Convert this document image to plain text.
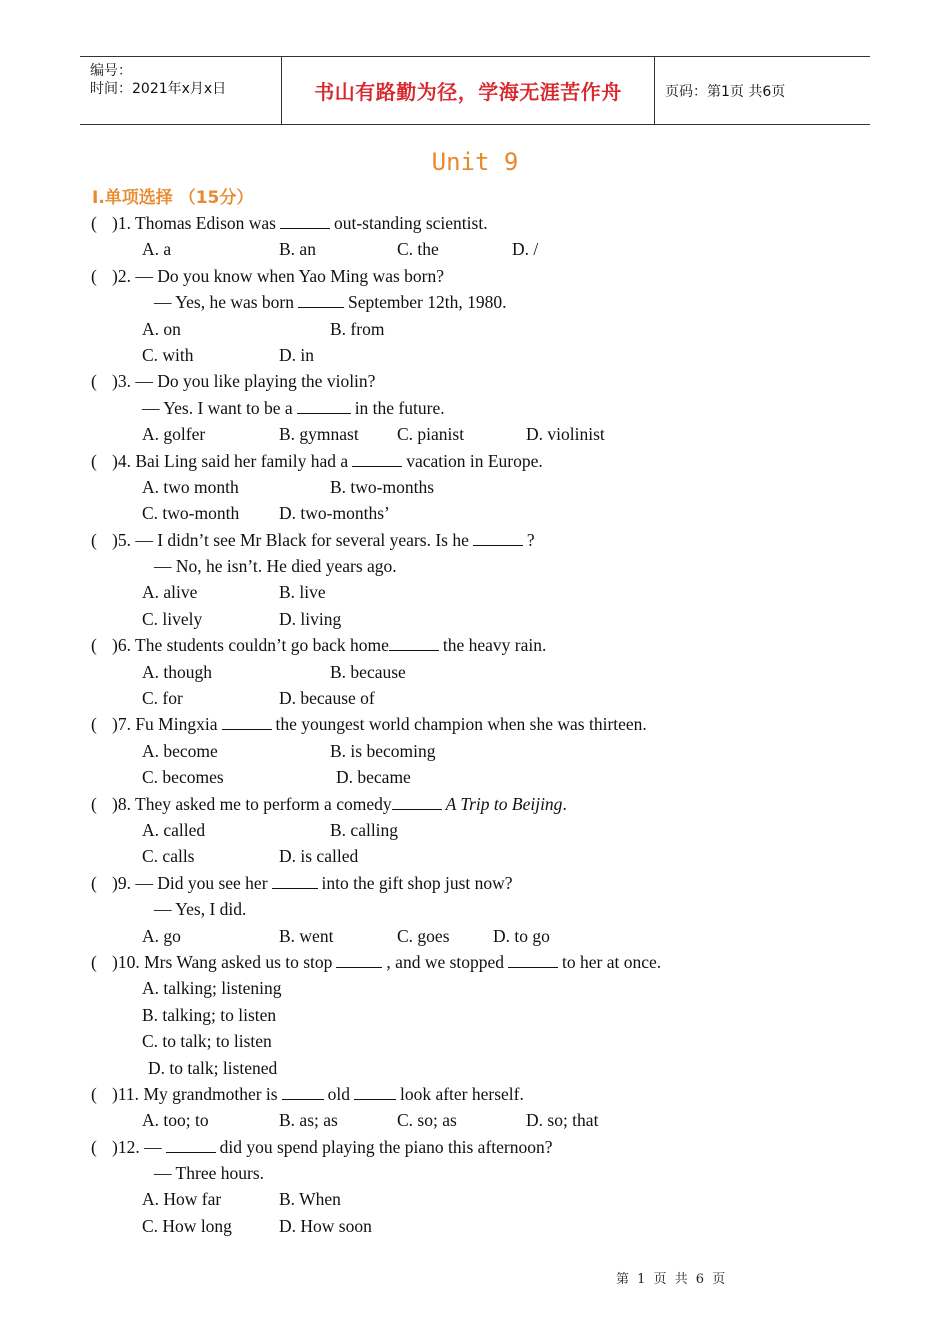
编号：
时间：2021年x月x日	书山有路勤为径，学海无涯苦作舟	页码：第1页 共6页
Unit 9
Ⅰ.单项选择 （15分）
( )1. Thomas Edison was	out-standing scientist.
A. a	B. an	C. the	D. /
( )2. — Do you know when Yao Ming was born?
— Yes, he was born	September 12th, 1980.
A. on	B. from
C. with	D. in
( )3. — Do you like playing the violin?
— Yes. I want to be a	in the future.
A. golfer	B. gymnast C. pianist	D. violinist
( )4. Bai Ling said her family had a	vacation in Europe.
A. two month	B. two-months
C. two-month D. two-months’
( )5. — I didn’t see Mr Black for several years. Is he	?
— No, he isn’t. He died years ago.
A. alive	B. live
C. lively	D. living
( )6. The students couldn’t go back home	the heavy rain.
A. though	B. because
C. for	D. because of
( )7. Fu Mingxia	the youngest world champion when she was thirteen.
A. become	B. is becoming
C. becomes	D. became
( )8. They asked me to perform a comedy	A Trip to Beijing.
A. called	B. calling
C. calls	D. is called
( )9. — Did you see her	into the gift shop just now?
— Yes, I did.
A. go	B. went	C. goes D. to go
( )10. Mrs Wang asked us to stop	, and we stopped	to her at once.
A. talking; listening
B. talking; to listen
C. to talk; to listen
D. to talk; listened
( )11. My grandmother is	old	look after herself.
A. too; to	B. as; as	C. so; as	D. so; that
( )12. —	did you spend playing the piano this afternoon?
— Three hours.
A. How far	B. When
C. How long	D. How soon
第 1 页 共 6 页
